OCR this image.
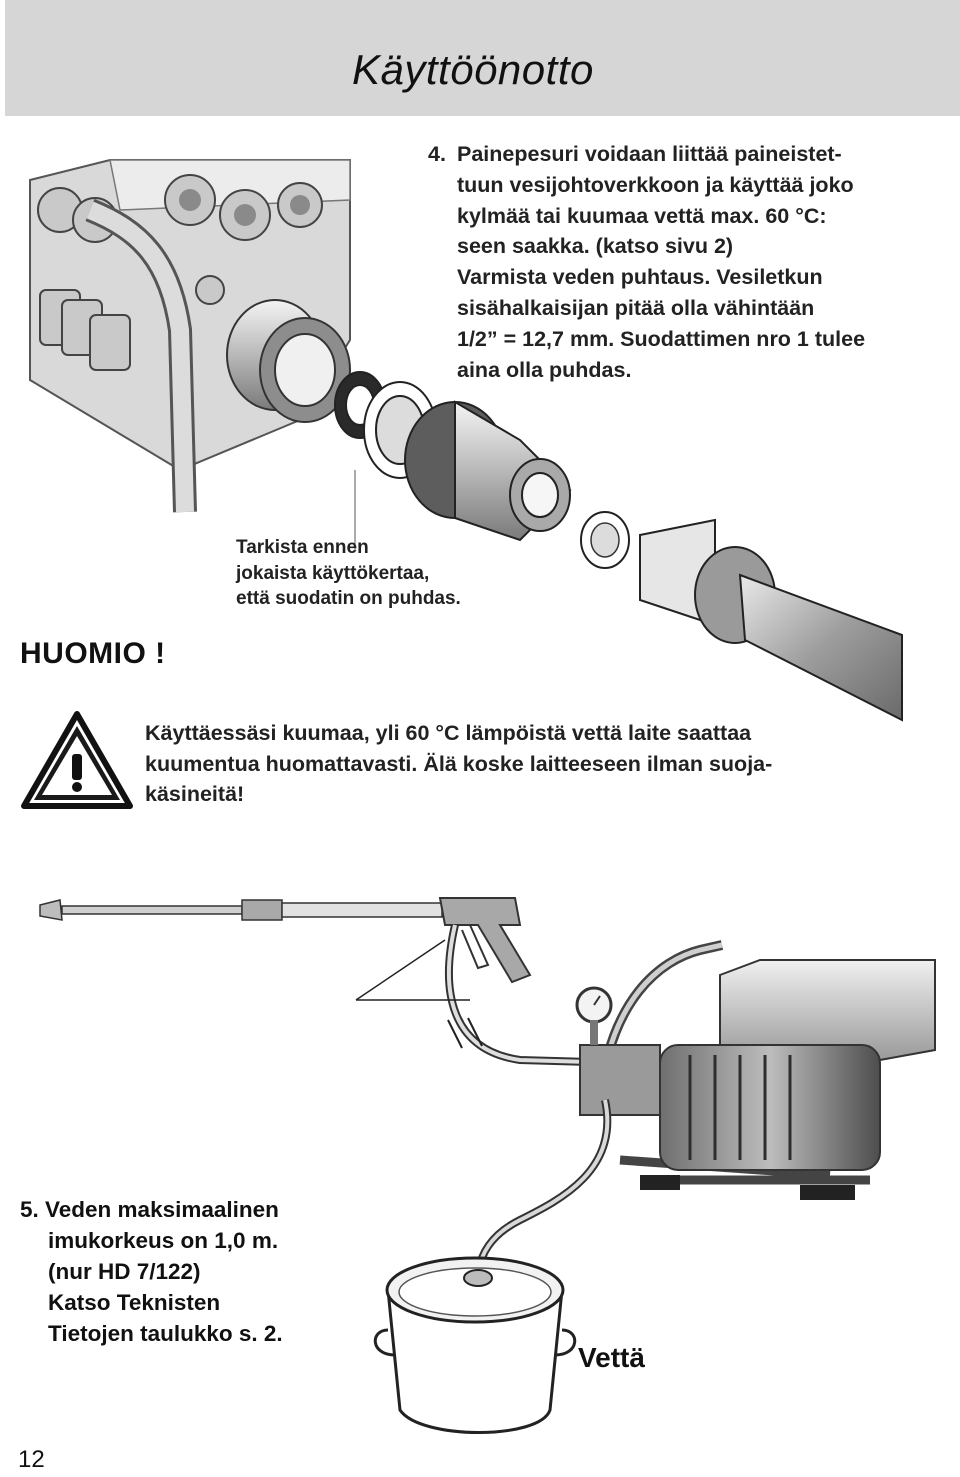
Käyttöönotto
4. Painepesuri voidaan liittää paineistet-
tuun vesijohtoverkkoon ja käyttää joko
kylmää tai kuumaa vettä max. 60 °C:
seen saakka. (katso sivu 2)
Varmista veden puhtaus. Vesiletkun
sisähalkaisijan pitää olla vähintään
1/2” = 12,7 mm. Suodattimen nro 1 tulee
aina olla puhdas.
Tarkista ennen
jokaista käyttökertaa,
että suodatin on puhdas.
HUOMIO !
Käyttäessäsi kuumaa, yli 60 °C lämpöistä vettä laite saattaa
kuumentua huomattavasti. Älä koske laitteeseen ilman suoja-
käsineitä!
5. Veden maksimaalinen
imukorkeus on 1,0 m.
(nur HD 7/122)
Katso Teknisten
Tietojen taulukko s. 2.
Vettä
12
